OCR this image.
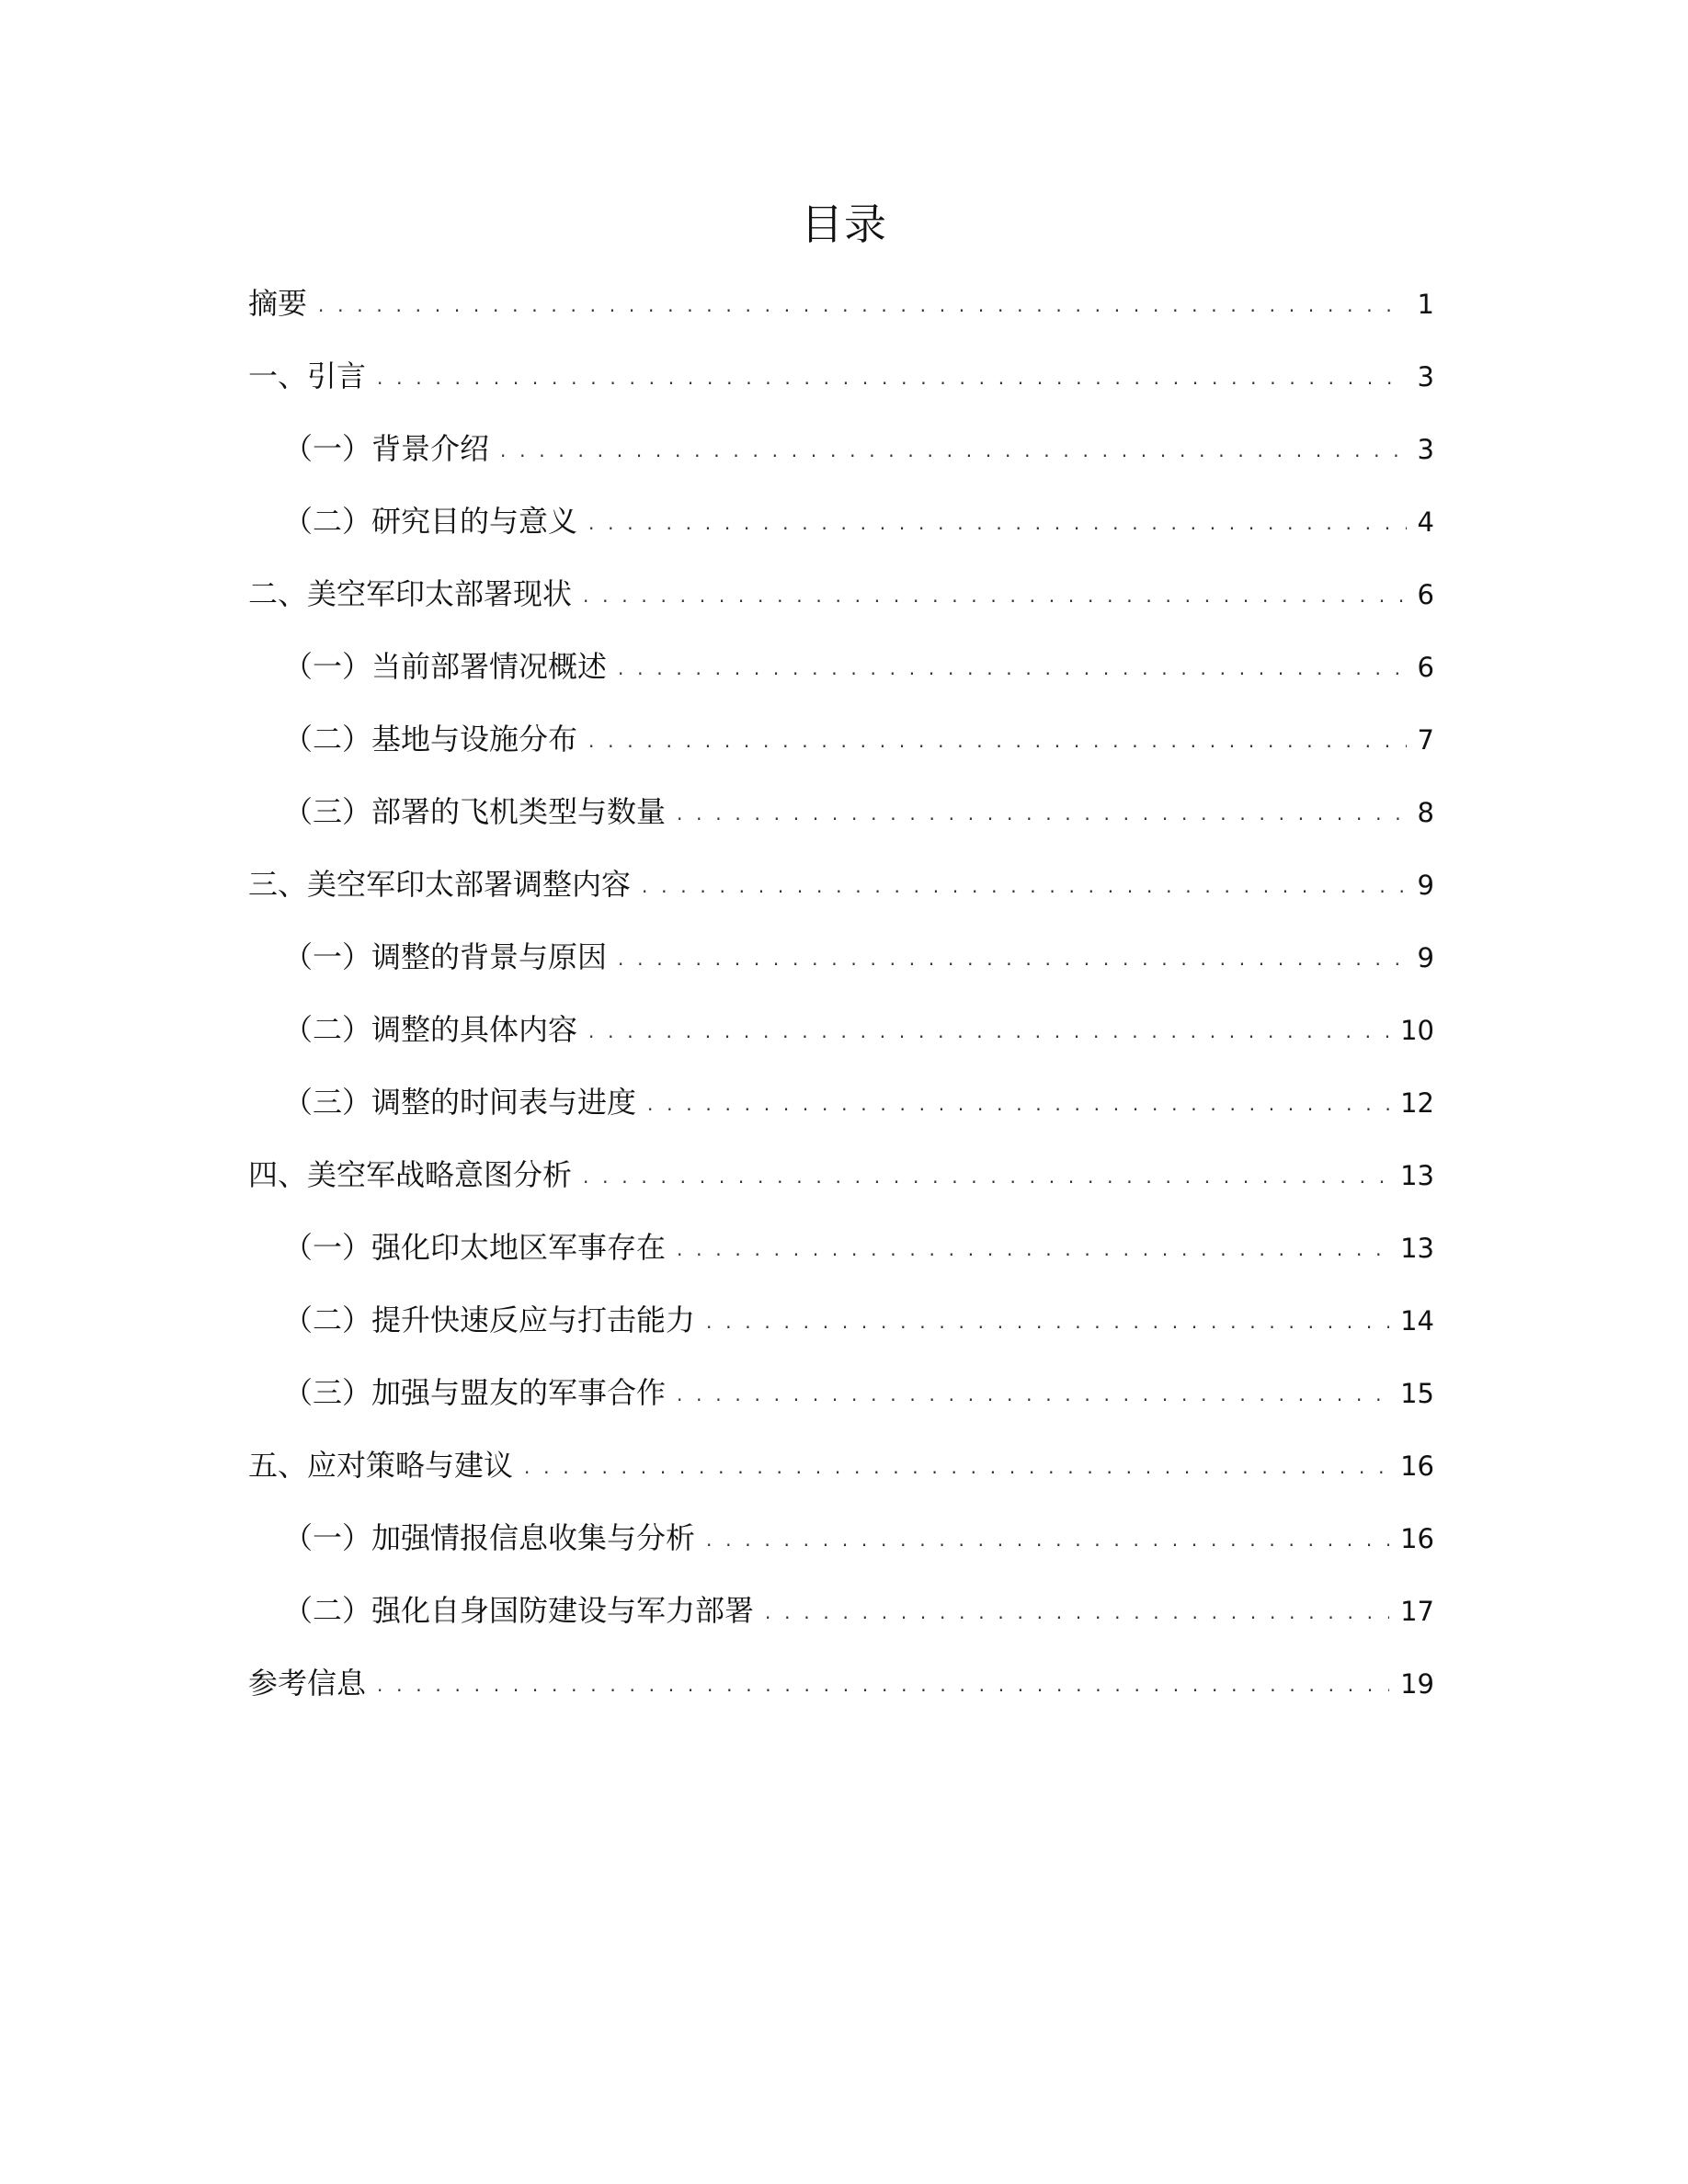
目录
摘要 . . .	1
一、引言 . . .	3
（一）背景介绍 . . .	3
（二）研究目的与意义 . . .	4
二、美空军印太部署现状 . . .	6
（一）当前部署情况概述 . . .	6
（二）基地与设施分布 . . .	7
（三）部署的飞机类型与数量 . . .	8
三、美空军印太部署调整内容 . . .	9
（一）调整的背景与原因 . . .	9
（二）调整的具体内容 . . .	10
（三）调整的时间表与进度 . . .	12
四、美空军战略意图分析 . . .	13
（一）强化印太地区军事存在 . . .	13
（二）提升快速反应与打击能力 . . .	14
（三）加强与盟友的军事合作 . . .	15
五、应对策略与建议 . . .	16
（一）加强情报信息收集与分析 . . .	16
（二）强化自身国防建设与军力部署 . . .	17
参考信息 . . .	19
